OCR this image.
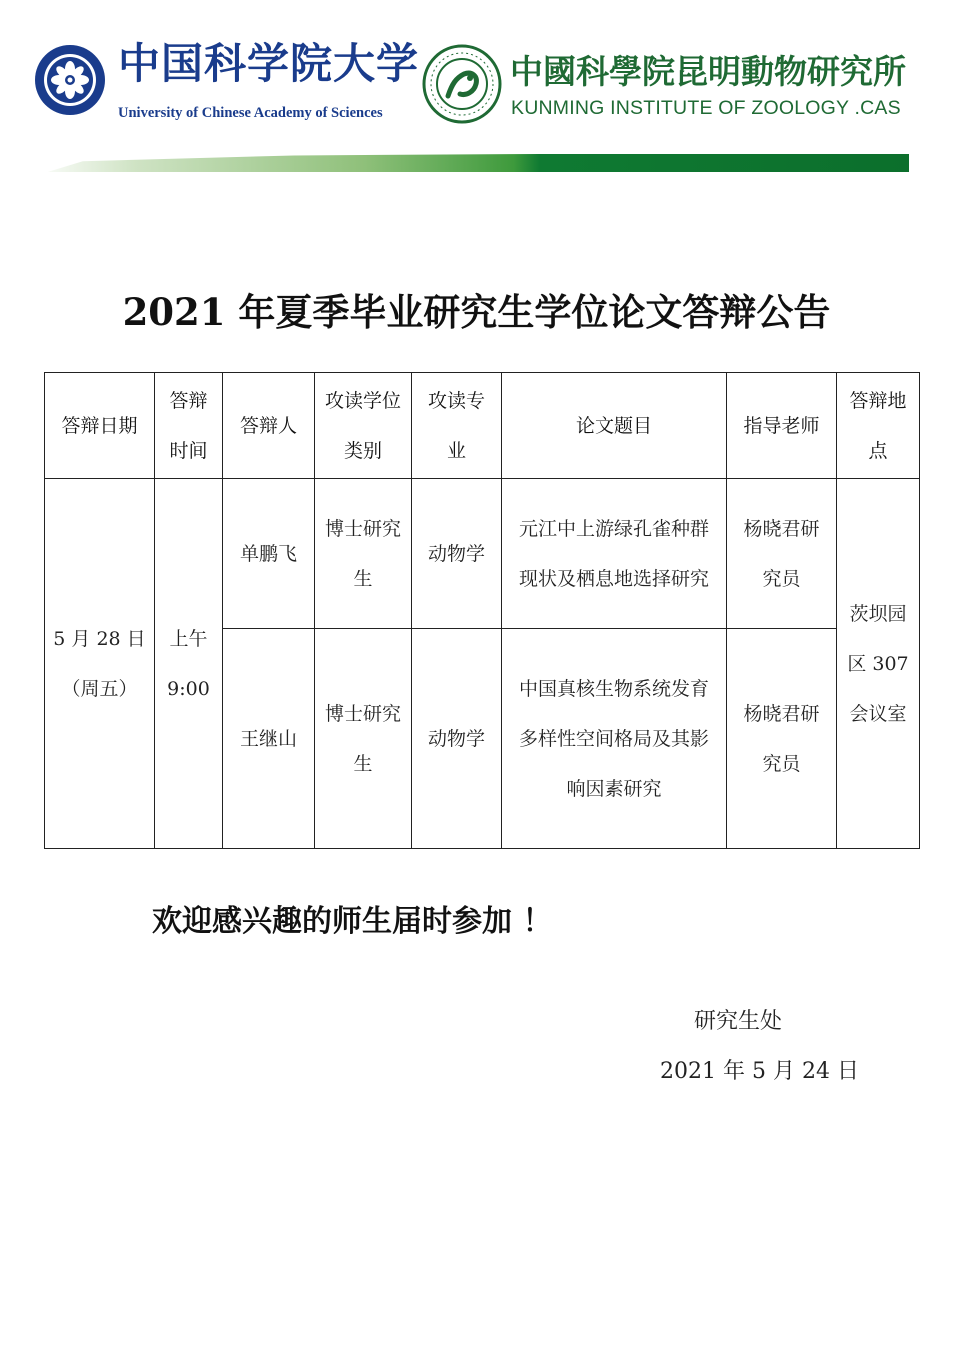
中国科学院大学
University of Chinese Academy of Sciences
中國科學院昆明動物研究所
KUNMING INSTITUTE OF ZOOLOGY .CAS
2021 年夏季毕业研究生学位论文答辩公告
答辩日期	答辩时间	答辩人	攻读学位类别	攻读专业	论文题目	指导老师	答辩地点

5 月 28 日（周五）	上午 9:00	单鹏飞	博士研究生	动物学	元江中上游绿孔雀种群现状及栖息地选择研究	杨晓君研究员	茨坝园区 307 会议室

		王继山	博士研究生	动物学	中国真核生物系统发育多样性空间格局及其影响因素研究	杨晓君研究员	
欢迎感兴趣的师生届时参加 ！
研究生处
2021 年 5 月 24 日
